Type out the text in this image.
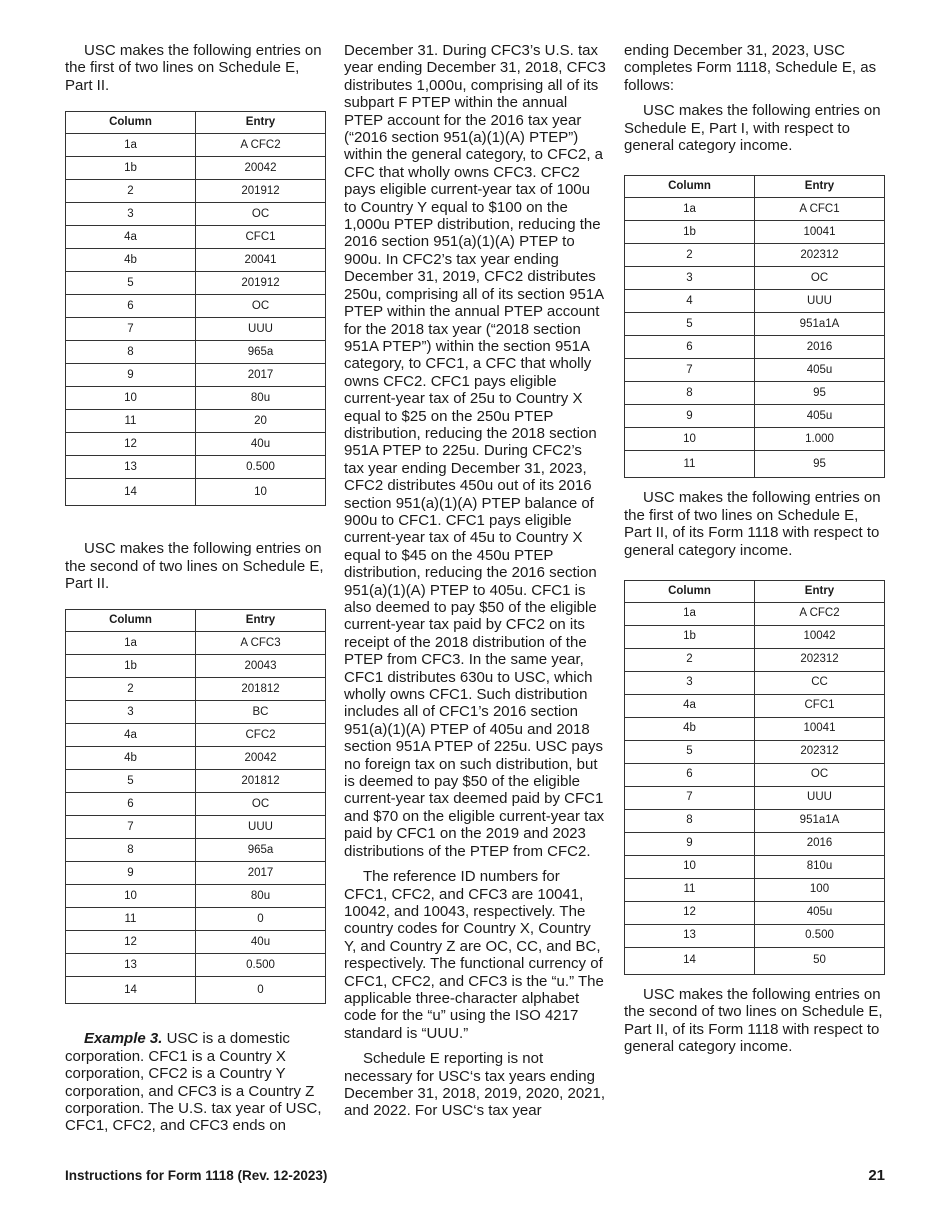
USC makes the following entries on the first of two lines on Schedule E, Part II.

Column	Entry
1a	A CFC2
1b	20042
2	201912
3	OC
4a	CFC1
4b	20041
5	201912
6	OC
7	UUU
8	965a
9	2017
10	80u
11	20
12	40u
13	0.500
14	10

USC makes the following entries on the second of two lines on Schedule E, Part II.

Column	Entry
1a	A CFC3
1b	20043
2	201812
3	BC
4a	CFC2
4b	20042
5	201812
6	OC
7	UUU
8	965a
9	2017
10	80u
11	0
12	40u
13	0.500
14	0

Example 3. USC is a domestic corporation. CFC1 is a Country X corporation, CFC2 is a Country Y corporation, and CFC3 is a Country Z corporation. The U.S. tax year of USC, CFC1, CFC2, and CFC3 ends on

December 31. During CFC3’s U.S. tax year ending December 31, 2018, CFC3 distributes 1,000u, comprising all of its subpart F PTEP within the annual PTEP account for the 2016 tax year (“2016 section 951(a)(1)(A) PTEP”) within the general category, to CFC2, a CFC that wholly owns CFC3. CFC2 pays eligible current-year tax of 100u to Country Y equal to $100 on the 1,000u PTEP distribution, reducing the 2016 section 951(a)(1)(A) PTEP to 900u. In CFC2’s tax year ending December 31, 2019, CFC2 distributes 250u, comprising all of its section 951A PTEP within the annual PTEP account for the 2018 tax year (“2018 section 951A PTEP”) within the section 951A category, to CFC1, a CFC that wholly owns CFC2. CFC1 pays eligible current-year tax of 25u to Country X equal to $25 on the 250u PTEP distribution, reducing the 2018 section 951A PTEP to 225u. During CFC2’s tax year ending December 31, 2023, CFC2 distributes 450u out of its 2016 section 951(a)(1)(A) PTEP balance of 900u to CFC1. CFC1 pays eligible current-year tax of 45u to Country X equal to $45 on the 450u PTEP distribution, reducing the 2016 section 951(a)(1)(A) PTEP to 405u. CFC1 is also deemed to pay $50 of the eligible current-year tax paid by CFC2 on its receipt of the 2018 distribution of the PTEP from CFC3. In the same year, CFC1 distributes 630u to USC, which wholly owns CFC1. Such distribution includes all of CFC1’s 2016 section 951(a)(1)(A) PTEP of 405u and 2018 section 951A PTEP of 225u. USC pays no foreign tax on such distribution, but is deemed to pay $50 of the eligible current-year tax deemed paid by CFC1 and $70 on the eligible current-year tax paid by CFC1 on the 2019 and 2023 distributions of the PTEP from CFC2.

The reference ID numbers for CFC1, CFC2, and CFC3 are 10041, 10042, and 10043, respectively. The country codes for Country X, Country Y, and Country Z are OC, CC, and BC, respectively. The functional currency of CFC1, CFC2, and CFC3 is the “u.” The applicable three-character alphabet code for the “u” using the ISO 4217 standard is “UUU.”

Schedule E reporting is not necessary for USC‘s tax years ending December 31, 2018, 2019, 2020, 2021, and 2022. For USC‘s tax year

ending December 31, 2023, USC completes Form 1118, Schedule E, as follows:

USC makes the following entries on Schedule E, Part I, with respect to general category income.

Column	Entry
1a	A CFC1
1b	10041
2	202312
3	OC
4	UUU
5	951a1A
6	2016
7	405u
8	95
9	405u
10	1.000
11	95

USC makes the following entries on the first of two lines on Schedule E, Part II, of its Form 1118 with respect to general category income.

Column	Entry
1a	A CFC2
1b	10042
2	202312
3	CC
4a	CFC1
4b	10041
5	202312
6	OC
7	UUU
8	951a1A
9	2016
10	810u
11	100
12	405u
13	0.500
14	50

USC makes the following entries on the second of two lines on Schedule E, Part II, of its Form 1118 with respect to general category income.

Instructions for Form 1118 (Rev. 12-2023)	21
